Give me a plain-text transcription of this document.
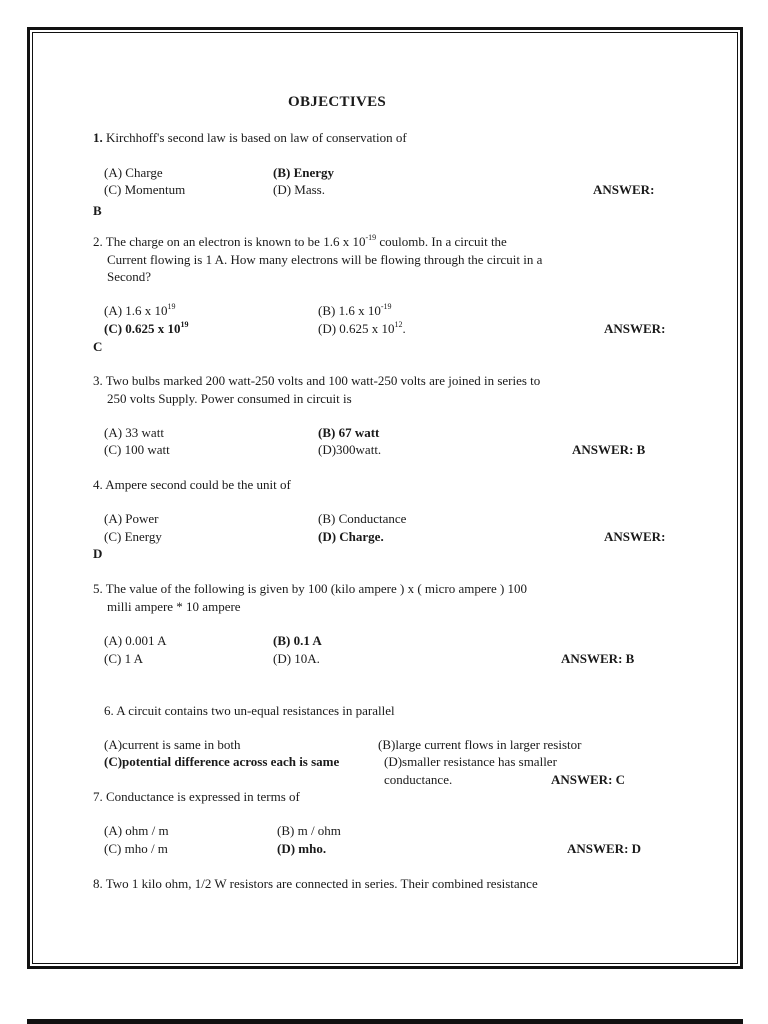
OBJECTIVES
1. Kirchhoff's second law is based on law of conservation of
(A) Charge	(B) Energy
(C) Momentum	(D) Mass.	ANSWER:
B
2. The charge on an electron is known to be 1.6 x $10^{-19}$ coulomb. In a circuit the
Current flowing is 1 A. How many electrons will be flowing through the circuit in a
Second?
(A) 1.6 x $10^{19}$	(B) 1.6 x $10^{-19}$
(C) 0.625 x $10^{19}$	(D) 0.625 x $10^{12}$.	ANSWER:
C
3. Two bulbs marked 200 watt-250 volts and 100 watt-250 volts are joined in series to
250 volts Supply. Power consumed in circuit is
(A) 33 watt	(B) 67 watt
(C) 100 watt	(D)300watt.	ANSWER: B
4. Ampere second could be the unit of
(A) Power	(B) Conductance
(C) Energy	(D) Charge.	ANSWER:
D
5. The value of the following is given by 100 (kilo ampere ) x ( micro ampere ) 100
milli ampere * 10 ampere
(A) 0.001 A	(B) 0.1 A
(C) 1 A	(D) 10A.	ANSWER: B
6. A circuit contains two un-equal resistances in parallel
(A)current is same in both	(B)large current flows in larger resistor
(C)potential difference across each is same	(D)smaller resistance has smaller
conductance.	ANSWER: C
7. Conductance is expressed in terms of
(A) ohm / m	(B) m / ohm
(C) mho / m	(D) mho.	ANSWER: D
8. Two 1 kilo ohm, 1/2 W resistors are connected in series. Their combined resistance
